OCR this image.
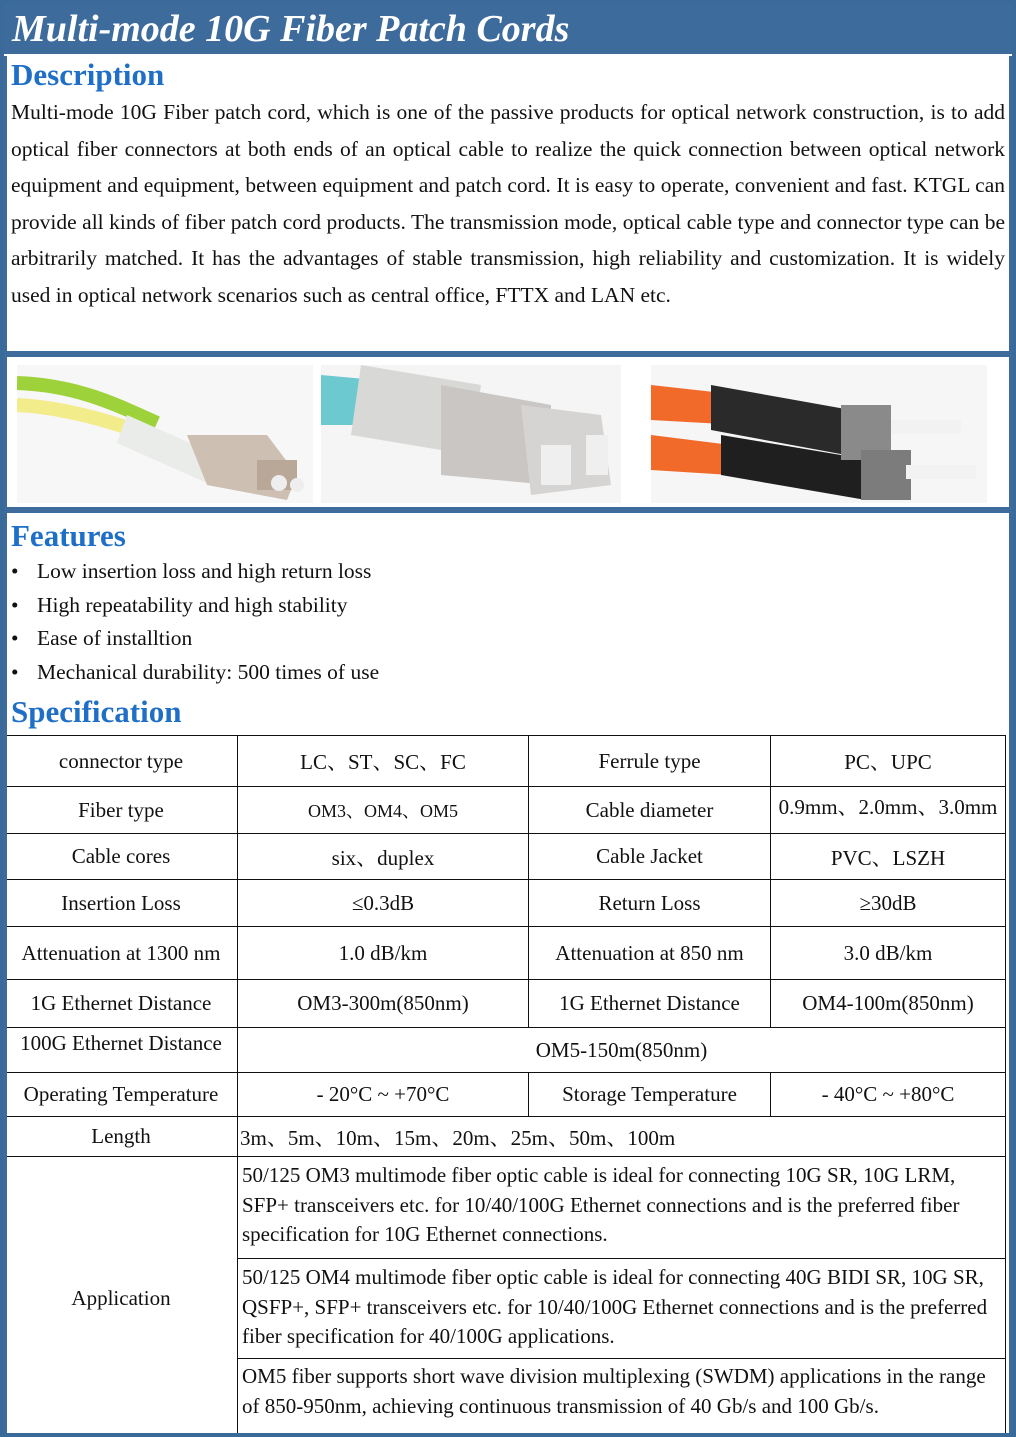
Multi-mode 10G Fiber Patch Cords
Description
Multi-mode 10G Fiber patch cord, which is one of the passive products for optical network construction, is to add optical fiber connectors at both ends of an optical cable to realize the quick connection between optical network equipment and equipment, between equipment and patch cord. It is easy to operate, convenient and fast. KTGL can provide all kinds of fiber patch cord products. The transmission mode, optical cable type and connector type can be arbitrarily matched. It has the advantages of stable transmission, high reliability and customization. It is widely used in optical network scenarios such as central office, FTTX and LAN etc.
Features
• Low insertion loss and high return loss
• High repeatability and high stability
• Ease of installtion
• Mechanical durability: 500 times of use
Specification
connector type	LC、ST、SC、FC	Ferrule type	PC、UPC
Fiber type	OM3、OM4、OM5	Cable diameter	0.9mm、2.0mm、3.0mm

Cable cores	six、duplex	Cable Jacket	PVC、LSZH
Insertion Loss	≤0.3dB	Return Loss	≥30dB
Attenuation at 1300 nm	1.0 dB/km	Attenuation at 850 nm	3.0 dB/km
1G Ethernet Distance	OM3-300m(850nm)	1G Ethernet Distance	OM4-100m(850nm)

100G Ethernet Distance	OM5-150m(850nm)		
Operating Temperature	- 20°C ~ +70°C	Storage Temperature	- 40°C ~ +80°C
Length	3m、5m、10m、15m、20m、25m、50m、100m		
Application	50/125 OM3 multimode fiber optic cable is ideal for connecting 10G SR, 10G LRM, SFP+ transceivers etc. for 10/40/100G Ethernet connections and is the preferred fiber specification for 10G Ethernet connections.		
	50/125 OM4 multimode fiber optic cable is ideal for connecting 40G BIDI SR, 10G SR, QSFP+, SFP+ transceivers etc. for 10/40/100G Ethernet connections and is the preferred fiber specification for 40/100G applications.		

	OM5 fiber supports short wave division multiplexing (SWDM) applications in the range of 850-950nm, achieving continuous transmission of 40 Gb/s and 100 Gb/s.		
